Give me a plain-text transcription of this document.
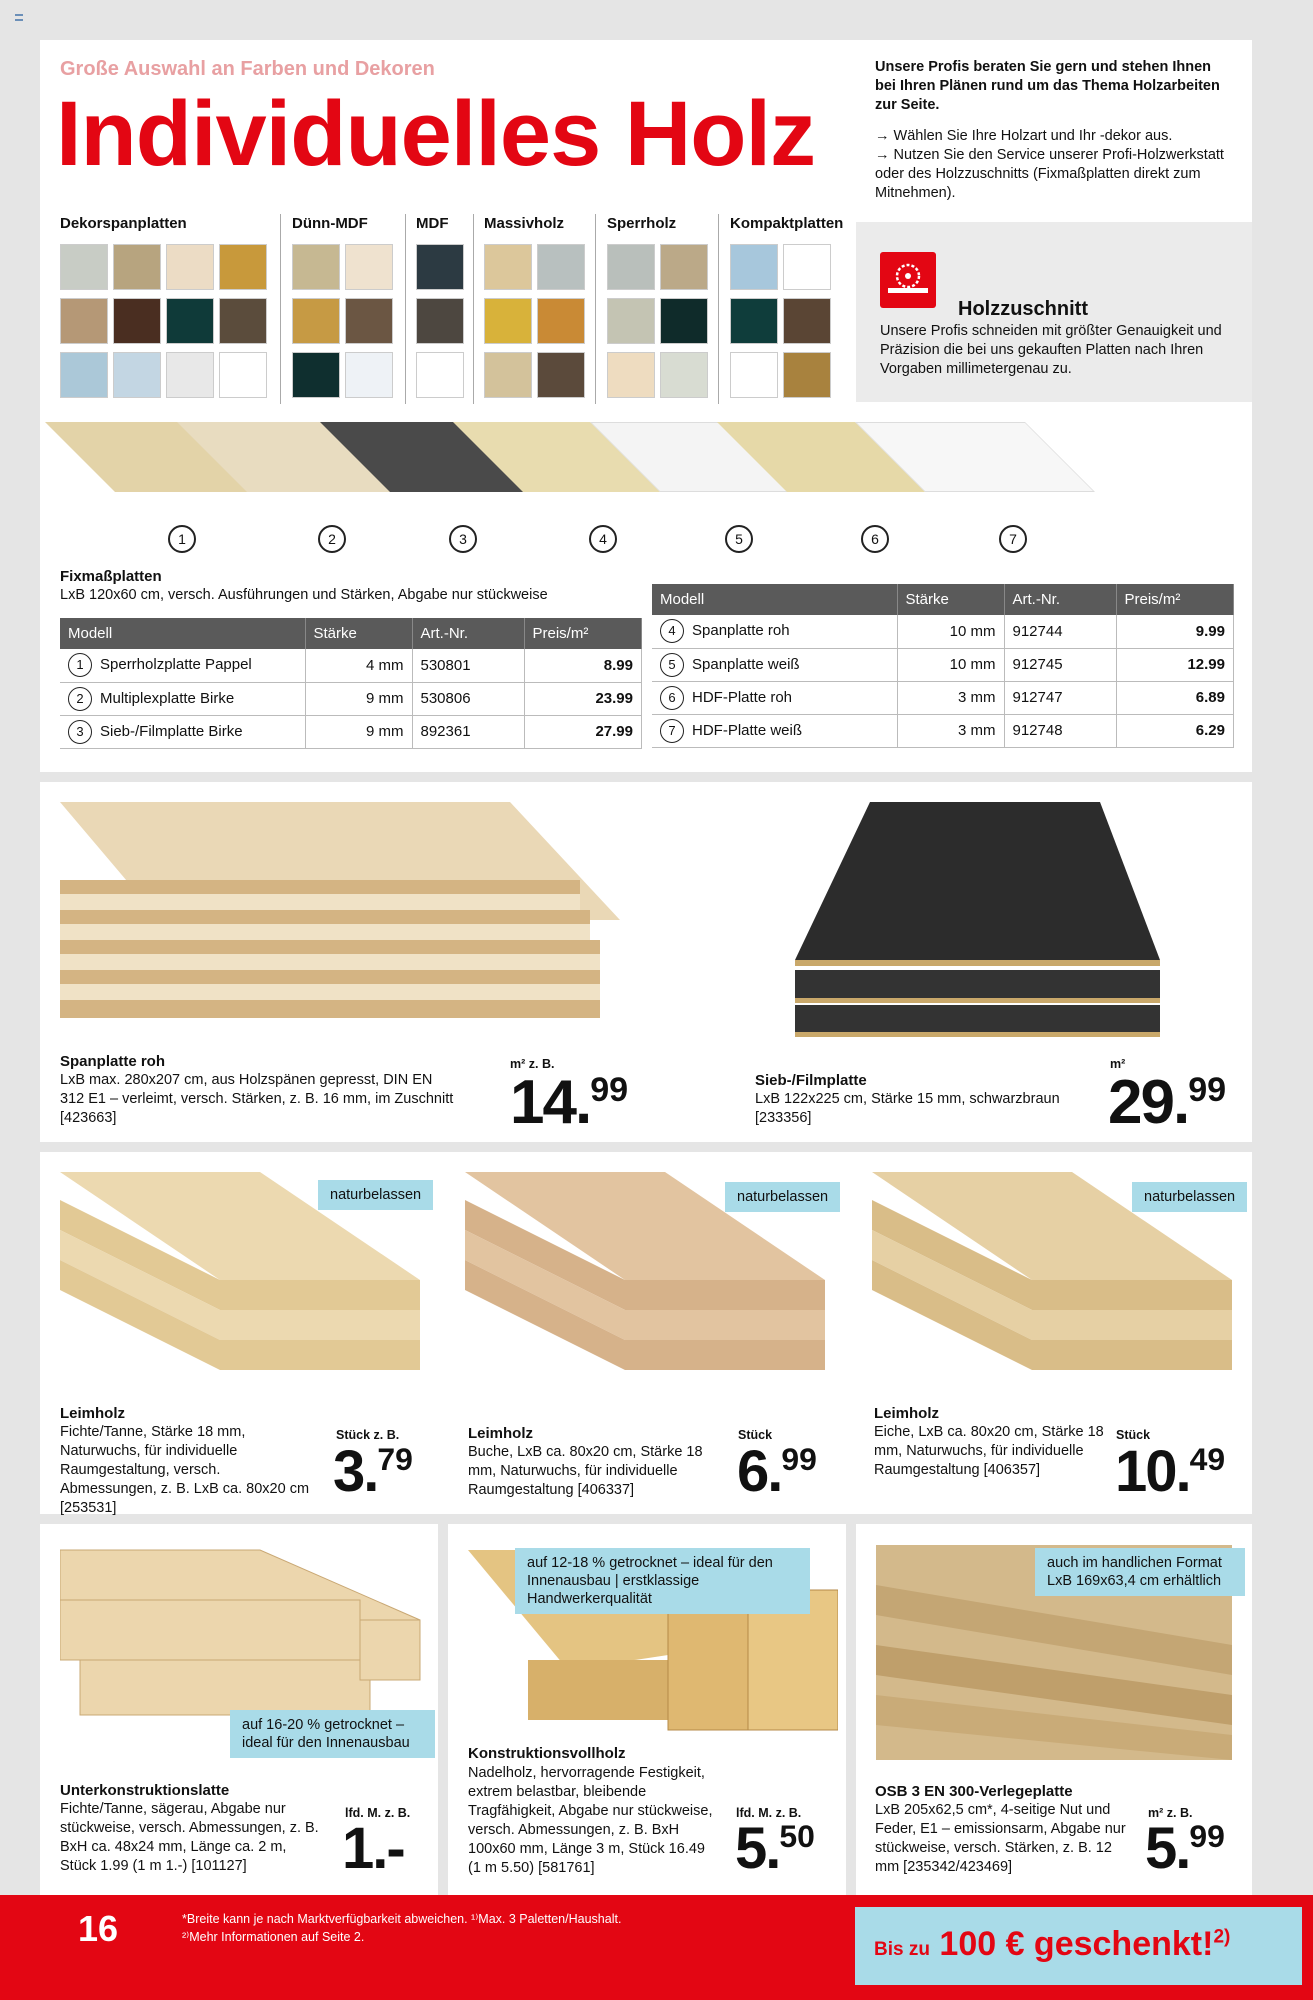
Große Auswahl an Farben und Dekoren
Individuelles Holz
Dekorspanplatten	Dünn-MDF	MDF Massivholz	Sperrholz	Kompaktplatten
Unsere Profis beraten Sie gern und stehen Ihnen bei Ihren Plänen rund um das Thema Holzarbeiten zur Seite.
→ Wählen Sie Ihre Holzart und Ihr -dekor aus.
→ Nutzen Sie den Service unserer Profi-Holzwerkstatt oder des Holzzuschnitts (Fixmaßplatten direkt zum Mitnehmen).
Holzzuschnitt
Unsere Profis schneiden mit größter Genauigkeit und Präzision die bei uns gekauften Platten nach Ihren Vorgaben millimetergenau zu.
1	2	3	4	5	6	7
Fixmaßplatten
LxB 120x60 cm, versch. Ausführungen und Stärken, Abgabe nur stückweise
Modell	Stärke	Art.-Nr.	Preis/m²
1 Sperrholzplatte Pappel	4 mm	530801	8.99
2 Multiplexplatte Birke	9 mm	530806	23.99
3 Sieb-/Filmplatte Birke	9 mm	892361	27.99
Modell	Stärke	Art.-Nr.	Preis/m²
4 Spanplatte roh	10 mm	912744	9.99
5 Spanplatte weiß	10 mm	912745	12.99
6 HDF-Platte roh	3 mm	912747	6.89
7 HDF-Platte weiß	3 mm	912748	6.29
Spanplatte roh
LxB max. 280x207 cm, aus Holzspänen gepresst, DIN EN 312 E1 – verleimt, versch. Stärken, z. B. 16 mm, im Zuschnitt [423663]
m² z. B.
14.99	Sieb-/Filmplatte
LxB 122x225 cm, Stärke 15 mm, schwarzbraun [233356]
m²
29.99
naturbelassen	naturbelassen	naturbelassen
Leimholz
Fichte/Tanne, Stärke 18 mm, Naturwuchs, für individuelle Raumgestaltung, versch. Abmessungen, z. B. LxB ca. 80x20 cm [253531]
Stück z. B.
3.79
Leimholz
Buche, LxB ca. 80x20 cm, Stärke 18 mm, Naturwuchs, für individuelle Raumgestaltung [406337]
Stück
6.99
Leimholz
Eiche, LxB ca. 80x20 cm, Stärke 18 mm, Naturwuchs, für individuelle Raumgestaltung [406357]
Stück
10.49
auf 16-20 % getrocknet – ideal für den Innenausbau
Unterkonstruktionslatte
Fichte/Tanne, sägerau, Abgabe nur stückweise, versch. Abmessungen, z. B. BxH ca. 48x24 mm, Länge ca. 2 m, Stück 1.99 (1 m 1.-) [101127]
lfd. M. z. B.
1.-
auf 12-18 % getrocknet – ideal für den Innenausbau | erstklassige Handwerkerqualität
Konstruktionsvollholz
Nadelholz, hervorragende Festigkeit, extrem belastbar, bleibende Tragfähigkeit, Abgabe nur stückweise, versch. Abmessungen, z. B. BxH 100x60 mm, Länge 3 m, Stück 16.49 (1 m 5.50) [581761]
lfd. M. z. B.
5.50
auch im handlichen Format LxB 169x63,4 cm erhältlich
OSB 3 EN 300-Verlegeplatte
LxB 205x62,5 cm*, 4-seitige Nut und Feder, E1 – emissionsarm, Abgabe nur stückweise, versch. Stärken, z. B. 12 mm [235342/423469]
m² z. B.
5.99
16	*Breite kann je nach Marktverfügbarkeit abweichen. ¹⁾Max. 3 Paletten/Haushalt.
²⁾Mehr Informationen auf Seite 2.
Bis zu 100 € geschenkt!$^{2)}$
